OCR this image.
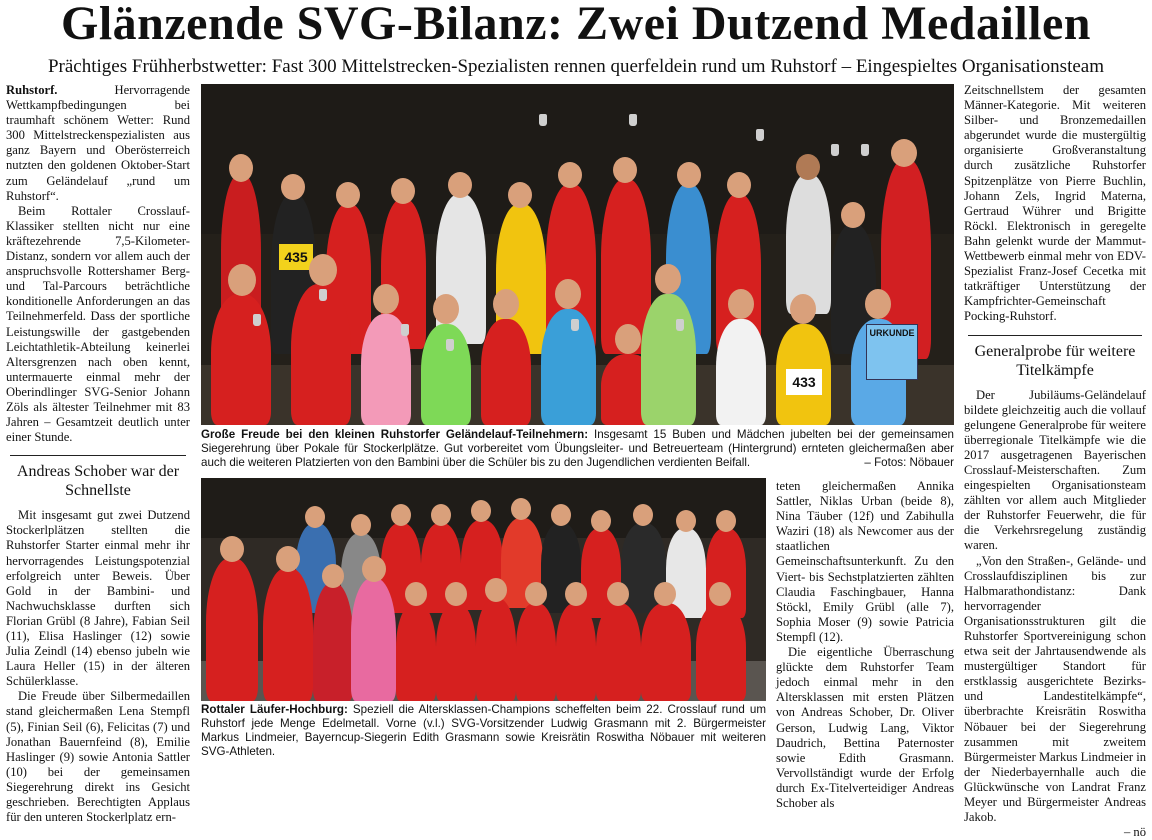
Glänzende SVG-Bilanz: Zwei Dutzend Medaillen
Prächtiges Frühherbstwetter: Fast 300 Mittelstrecken-Spezialisten rennen querfeldein rund um Ruhstorf – Eingespieltes Organisationsteam

Ruhstorf.	Hervorragende Wettkampfbedingungen bei traumhaft schönem Wetter: Rund 300 Mittelstreckenspezialisten aus ganz Bayern und Oberösterreich nutzten den goldenen Oktober-Start zum Geländelauf „rund um Ruhstorf“.

Beim Rottaler Crosslauf-Klassiker stellten nicht nur eine kräftezehrende 7,5-Kilometer-Distanz, sondern vor allem auch der anspruchsvolle Rottershamer Berg- und Tal-Parcours beträchtliche konditionelle Anforderungen an das Teilnehmerfeld. Dass der sportliche Leistungswille der gastgebenden Leichtathletik-Abteilung keinerlei Altersgrenzen nach oben kennt, untermauerte einmal mehr der Oberindlinger SVG-Senior Johann Zöls als ältester Teilnehmer mit 83 Jahren – Gesamtzeit deutlich unter einer Stunde.

Andreas Schober war der Schnellste

Mit insgesamt gut zwei Dutzend Stockerlplätzen stellten die Ruhstorfer Starter einmal mehr ihr hervorragendes Leistungspotenzial erfolgreich unter Beweis. Über Gold in der Bambini- und Nachwuchsklasse durften sich Florian Grübl (8 Jahre), Fabian Seil (11), Elisa Haslinger (12) sowie Julia Zeindl (14) ebenso jubeln wie Laura Heller (15) in der älteren Schülerklasse.

Die Freude über Silbermedaillen stand gleichermaßen Lena Stempfl (5), Finian Seil (6), Felicitas (7) und Jonathan Bauernfeind (8), Emilie Haslinger (9) sowie Antonia Sattler (10) bei der gemeinsamen Siegerehrung direkt ins Gesicht geschrieben. Berechtigten Applaus für den unteren Stockerlplatz ern-

435
433
URKUNDE
Große Freude bei den kleinen Ruhstorfer Geländelauf-Teilnehmern: Insgesamt 15 Buben und Mädchen jubelten bei der gemeinsamen Siegerehrung über Pokale für Stockerlplätze. Gut vorbereitet vom Übungsleiter- und Betreuerteam (Hintergrund) ernteten gleichermaßen aber auch die weiteren Platzierten von den Bambini über die Schüler bis zu den Jugendlichen verdienten Beifall.	– Fotos: Nöbauer
Rottaler Läufer-Hochburg: Speziell die Altersklassen-Champions scheffelten beim 22. Crosslauf rund um Ruhstorf jede Menge Edelmetall. Vorne (v.l.) SVG-Vorsitzender Ludwig Grasmann mit 2. Bürgermeister Markus Lindmeier, Bayerncup-Siegerin Edith Grasmann sowie Kreisrätin Roswitha Nöbauer mit weiteren SVG-Athleten.

teten gleichermaßen Annika Sattler, Niklas Urban (beide 8), Nina Täuber (12f) und Zabihulla Waziri (18) als Newcomer aus der staatlichen Gemeinschaftsunterkunft. Zu den Viert- bis Sechstplatzierten zählten Claudia Faschingbauer, Hanna Stöckl, Emily Grübl (alle 7), Sophia Moser (9) sowie Patricia Stempfl (12).

Die eigentliche Überraschung glückte dem Ruhstorfer Team jedoch einmal mehr in den Altersklassen mit ersten Plätzen von Andreas Schober, Dr. Oliver Gerson, Ludwig Lang, Viktor Daudrich, Bettina Paternoster sowie Edith Grasmann. Vervollständigt wurde der Erfolg durch Ex-Titelverteidiger Andreas Schober als

Zeitschnellstem der gesamten Männer-Kategorie. Mit weiteren Silber- und Bronzemedaillen abgerundet wurde die mustergültig organisierte Großveranstaltung durch zusätzliche Ruhstorfer Spitzenplätze von Pierre Buchlin, Johann Zels, Ingrid Materna, Gertraud Wührer und Brigitte Röckl. Elektronisch in geregelte Bahn gelenkt wurde der Mammut-Wettbewerb einmal mehr von EDV-Spezialist Franz-Josef Cecetka mit tatkräftiger Unterstützung der Kampfrichter-Gemeinschaft Pocking-Ruhstorf.

Generalprobe für weitere Titelkämpfe

Der Jubiläums-Geländelauf bildete gleichzeitig auch die vollauf gelungene Generalprobe für weitere überregionale Titelkämpfe wie die 2017 ausgetragenen Bayerischen Crosslauf-Meisterschaften. Zum eingespielten Organisationsteam zählten vor allem auch Mitglieder der Ruhstorfer Feuerwehr, die für die Verkehrsregelung zuständig waren.

„Von den Straßen-, Gelände- und Crosslaufdisziplinen bis zur Halbmarathondistanz: Dank hervorragender Organisationsstrukturen gilt die Ruhstorfer Sportvereinigung schon etwa seit der Jahrtausendwende als mustergültiger Standort für erstklassig ausgerichtete Bezirks- und Landestitelkämpfe“, überbrachte Kreisrätin Roswitha Nöbauer bei der Siegerehrung zusammen mit zweitem Bürgermeister Markus Lindmeier in der Niederbayernhalle auch die Glückwünsche von Landrat Franz Meyer und Bürgermeister Andreas Jakob.

– nö
